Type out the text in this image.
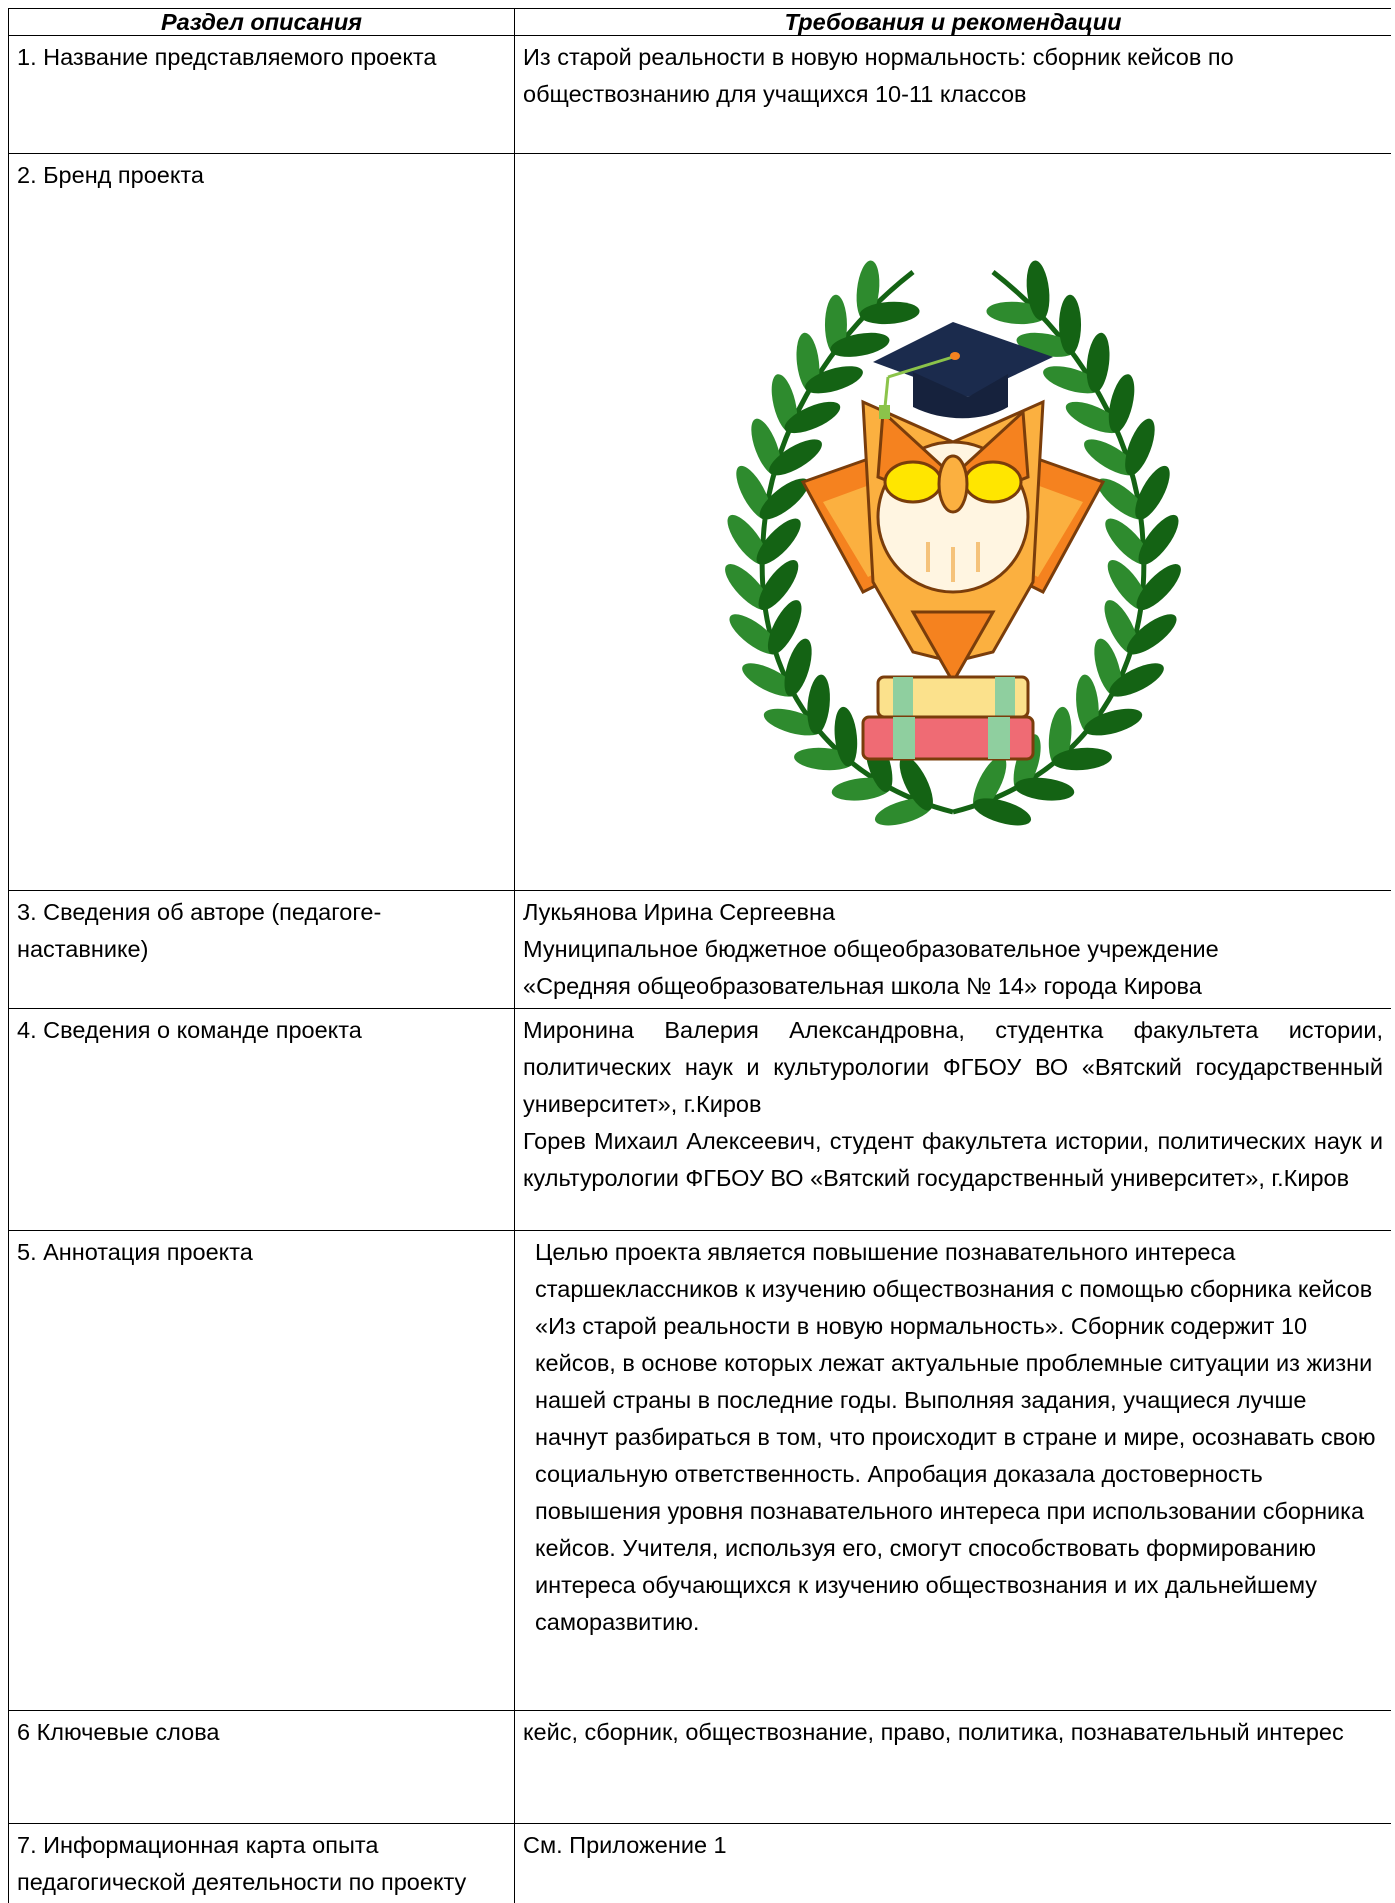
Раздел описания	Требования и рекомендации
1. Название представляемого проекта	Из старой реальности в новую нормальность: сборник кейсов по обществознанию для учащихся 10-11 классов
2. Бренд проекта	

3. Сведения об авторе (педагоге-наставнике)	Лукьянова Ирина Сергеевна
Муниципальное бюджетное общеобразовательное учреждение
«Средняя общеобразовательная школа № 14» города Кирова

4. Сведения о команде проекта	Миронина Валерия Александровна, студентка факультета истории, политических наук и культурологии ФГБОУ ВО «Вятский государственный университет», г.Киров
Горев Михаил Алексеевич, студент факультета истории, политических наук и культурологии ФГБОУ ВО «Вятский государственный университет», г.Киров

5. Аннотация проекта	Целью проекта является повышение познавательного интереса старшеклассников к изучению обществознания с помощью сборника кейсов «Из старой реальности в новую нормальность». Сборник содержит 10 кейсов, в основе которых лежат актуальные проблемные ситуации из жизни нашей страны в последние годы. Выполняя задания, учащиеся лучше начнут разбираться в том, что происходит в стране и мире, осознавать свою социальную ответственность. Апробация доказала достоверность повышения уровня познавательного интереса при использовании сборника кейсов. Учителя, используя его, смогут способствовать формированию интереса обучающихся к изучению обществознания и их дальнейшему саморазвитию.
6 Ключевые слова	кейс, сборник, обществознание, право, политика, познавательный интерес
7. Информационная карта опыта педагогической деятельности по проекту	См. Приложение 1
